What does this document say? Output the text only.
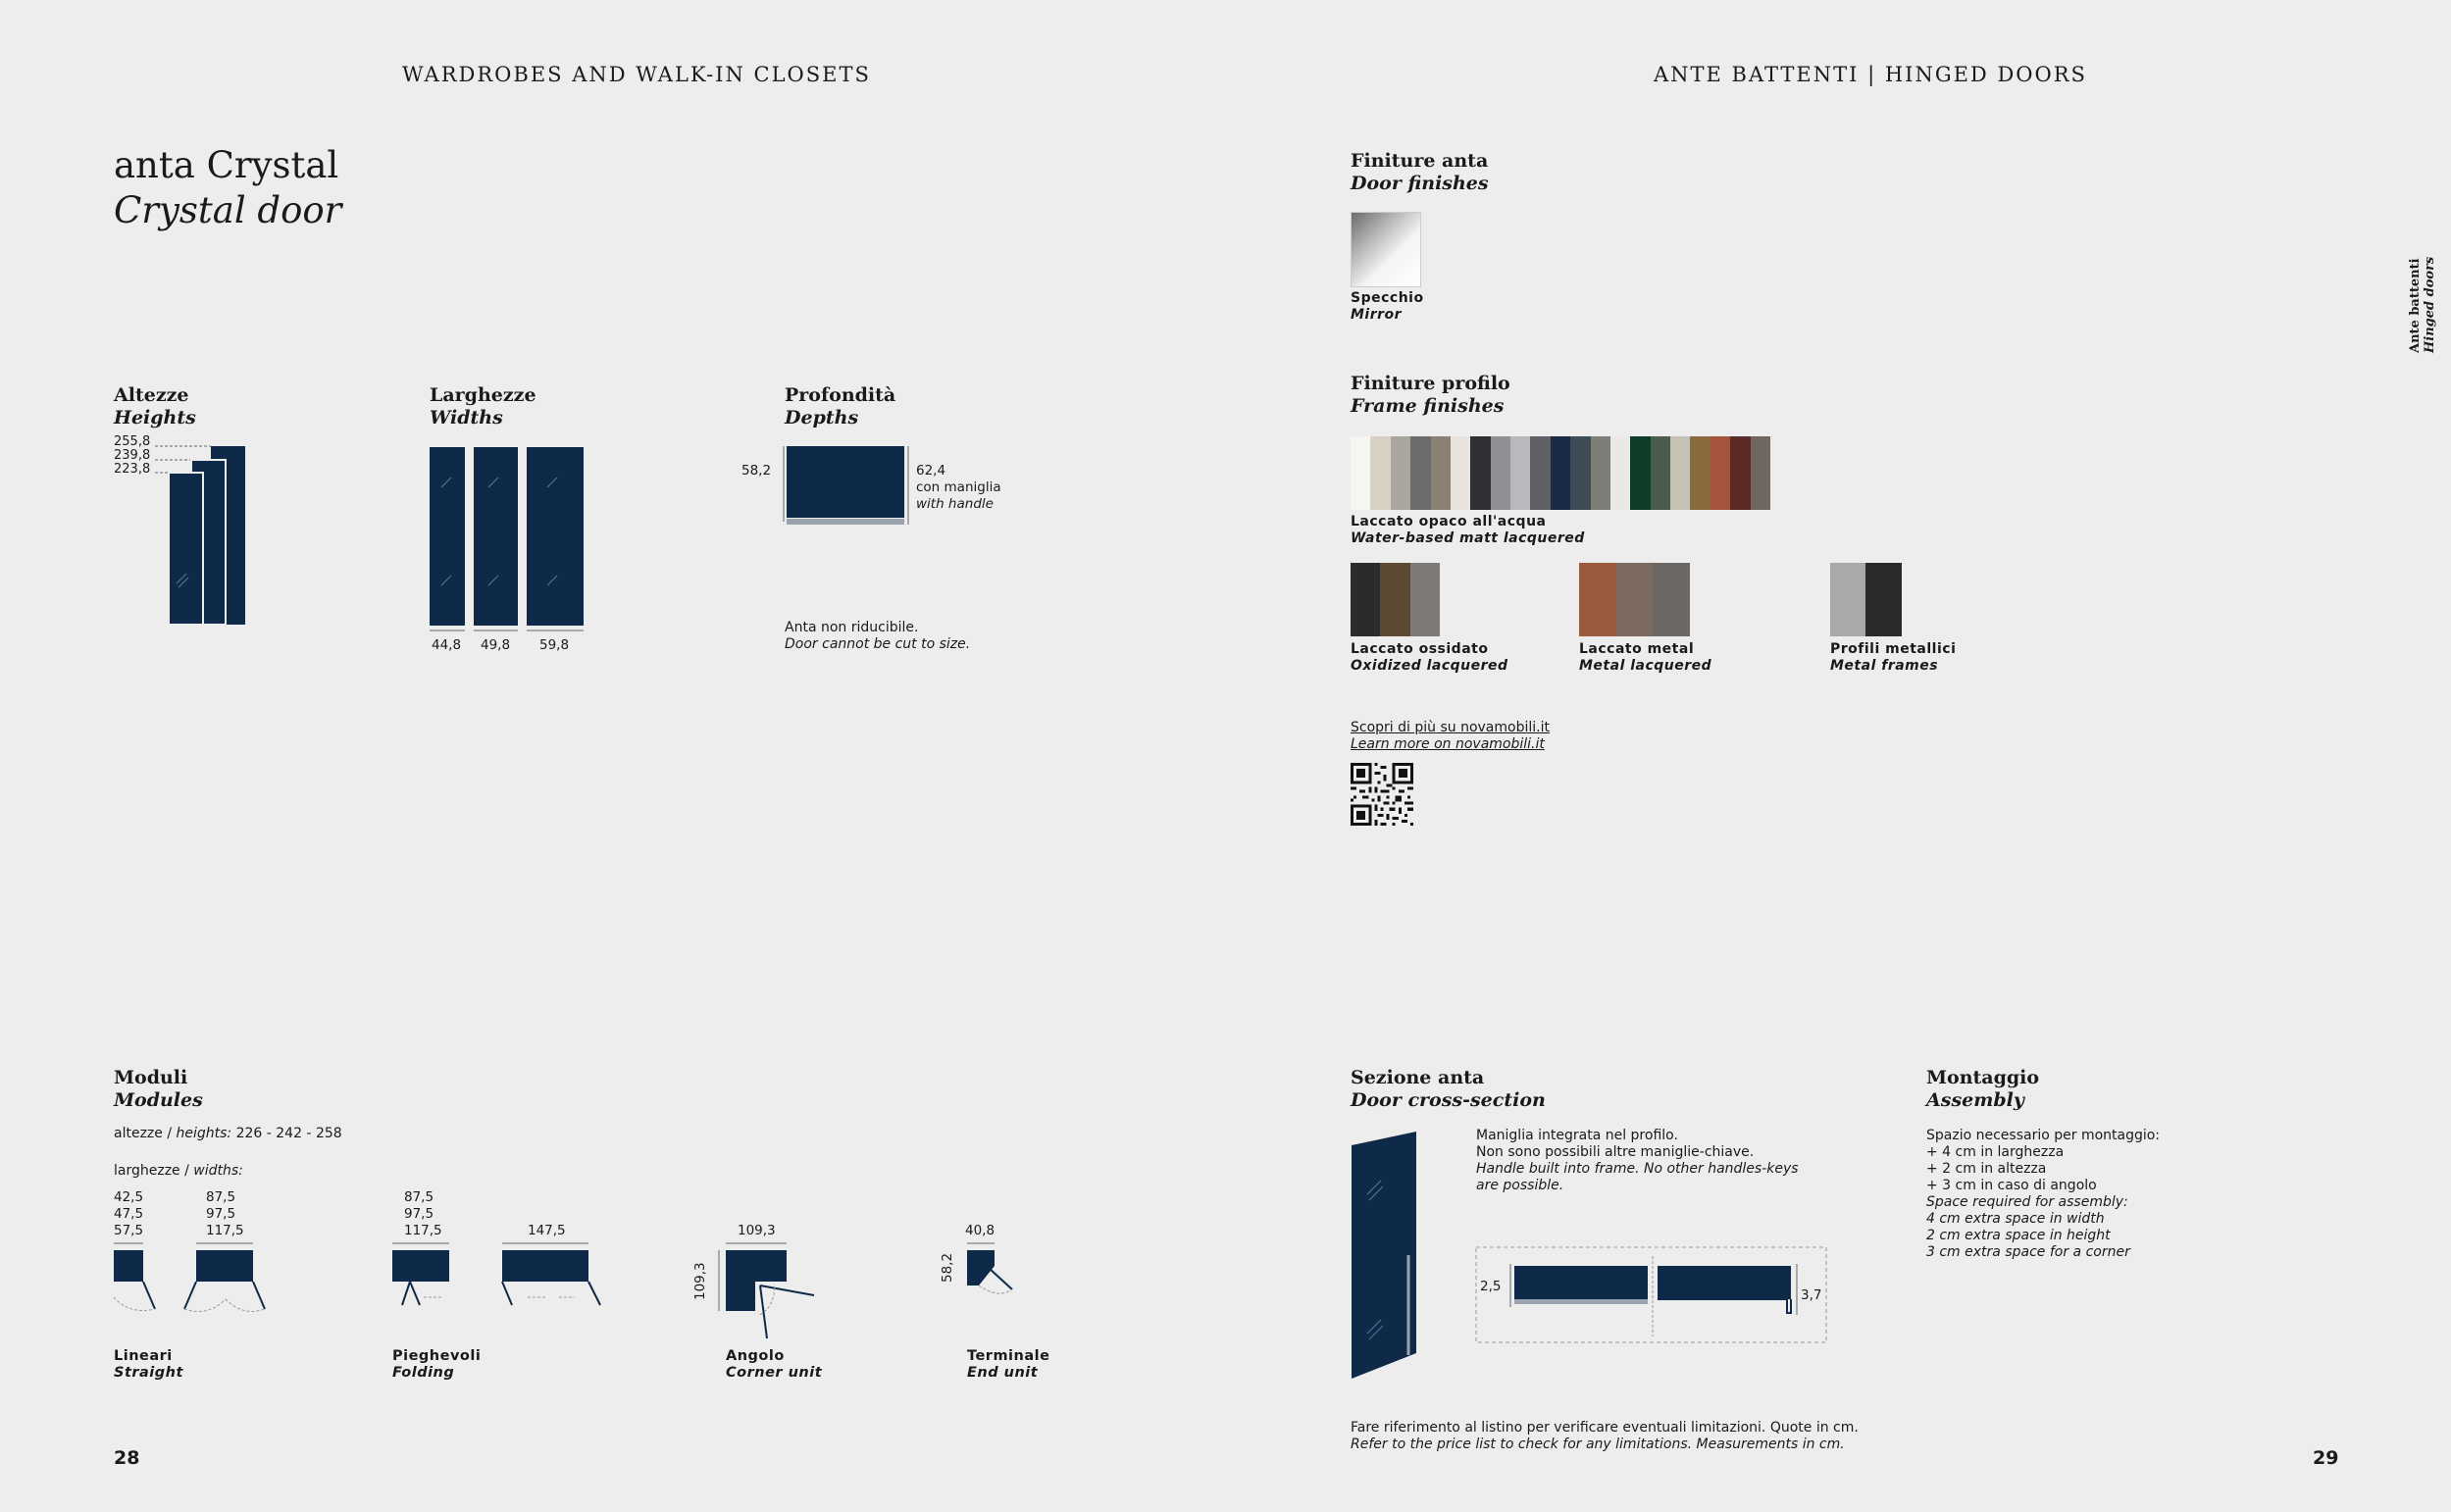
WARDROBES AND WALK-IN CLOSETS
anta Crystal
Crystal door
Altezze
Heights
255,8
239,8
223,8
Larghezze
Widths
44,8 49,8 59,8
Profondità
Depths
58,2	62,4
con maniglia
with handle
Anta non riducibile.
Door cannot be cut to size.
Moduli
Modules
altezze / heights: 226 - 242 - 258
larghezze / widths:
42,5
47,5
57,5
87,5
97,5
117,5
Lineari
Straight
87,5
97,5
117,5	147,5
Pieghevoli
Folding
109,3
109,3
Angolo
Corner unit
40,8
58,2
Terminale
End unit
28
ANTE BATTENTI | HINGED DOORS
Ante battenti Hinged doors
Finiture anta
Door finishes
Specchio
Mirror
Finiture profilo
Frame finishes
Laccato opaco all'acqua
Water-based matt lacquered
Laccato ossidato
Oxidized lacquered
Laccato metal
Metal lacquered
Profili metallici
Metal frames
Scopri di più su novamobili.it
Learn more on novamobili.it
Sezione anta
Door cross-section
Maniglia integrata nel profilo.
Non sono possibili altre maniglie-chiave.
Handle built into frame. No other handles-keys
are possible.
2,5
3,7
Montaggio
Assembly
Spazio necessario per montaggio:
+ 4 cm in larghezza
+ 2 cm in altezza
+ 3 cm in caso di angolo
Space required for assembly:
4 cm extra space in width
2 cm extra space in height
3 cm extra space for a corner
Fare riferimento al listino per verificare eventuali limitazioni. Quote in cm.
Refer to the price list to check for any limitations. Measurements in cm.
29
